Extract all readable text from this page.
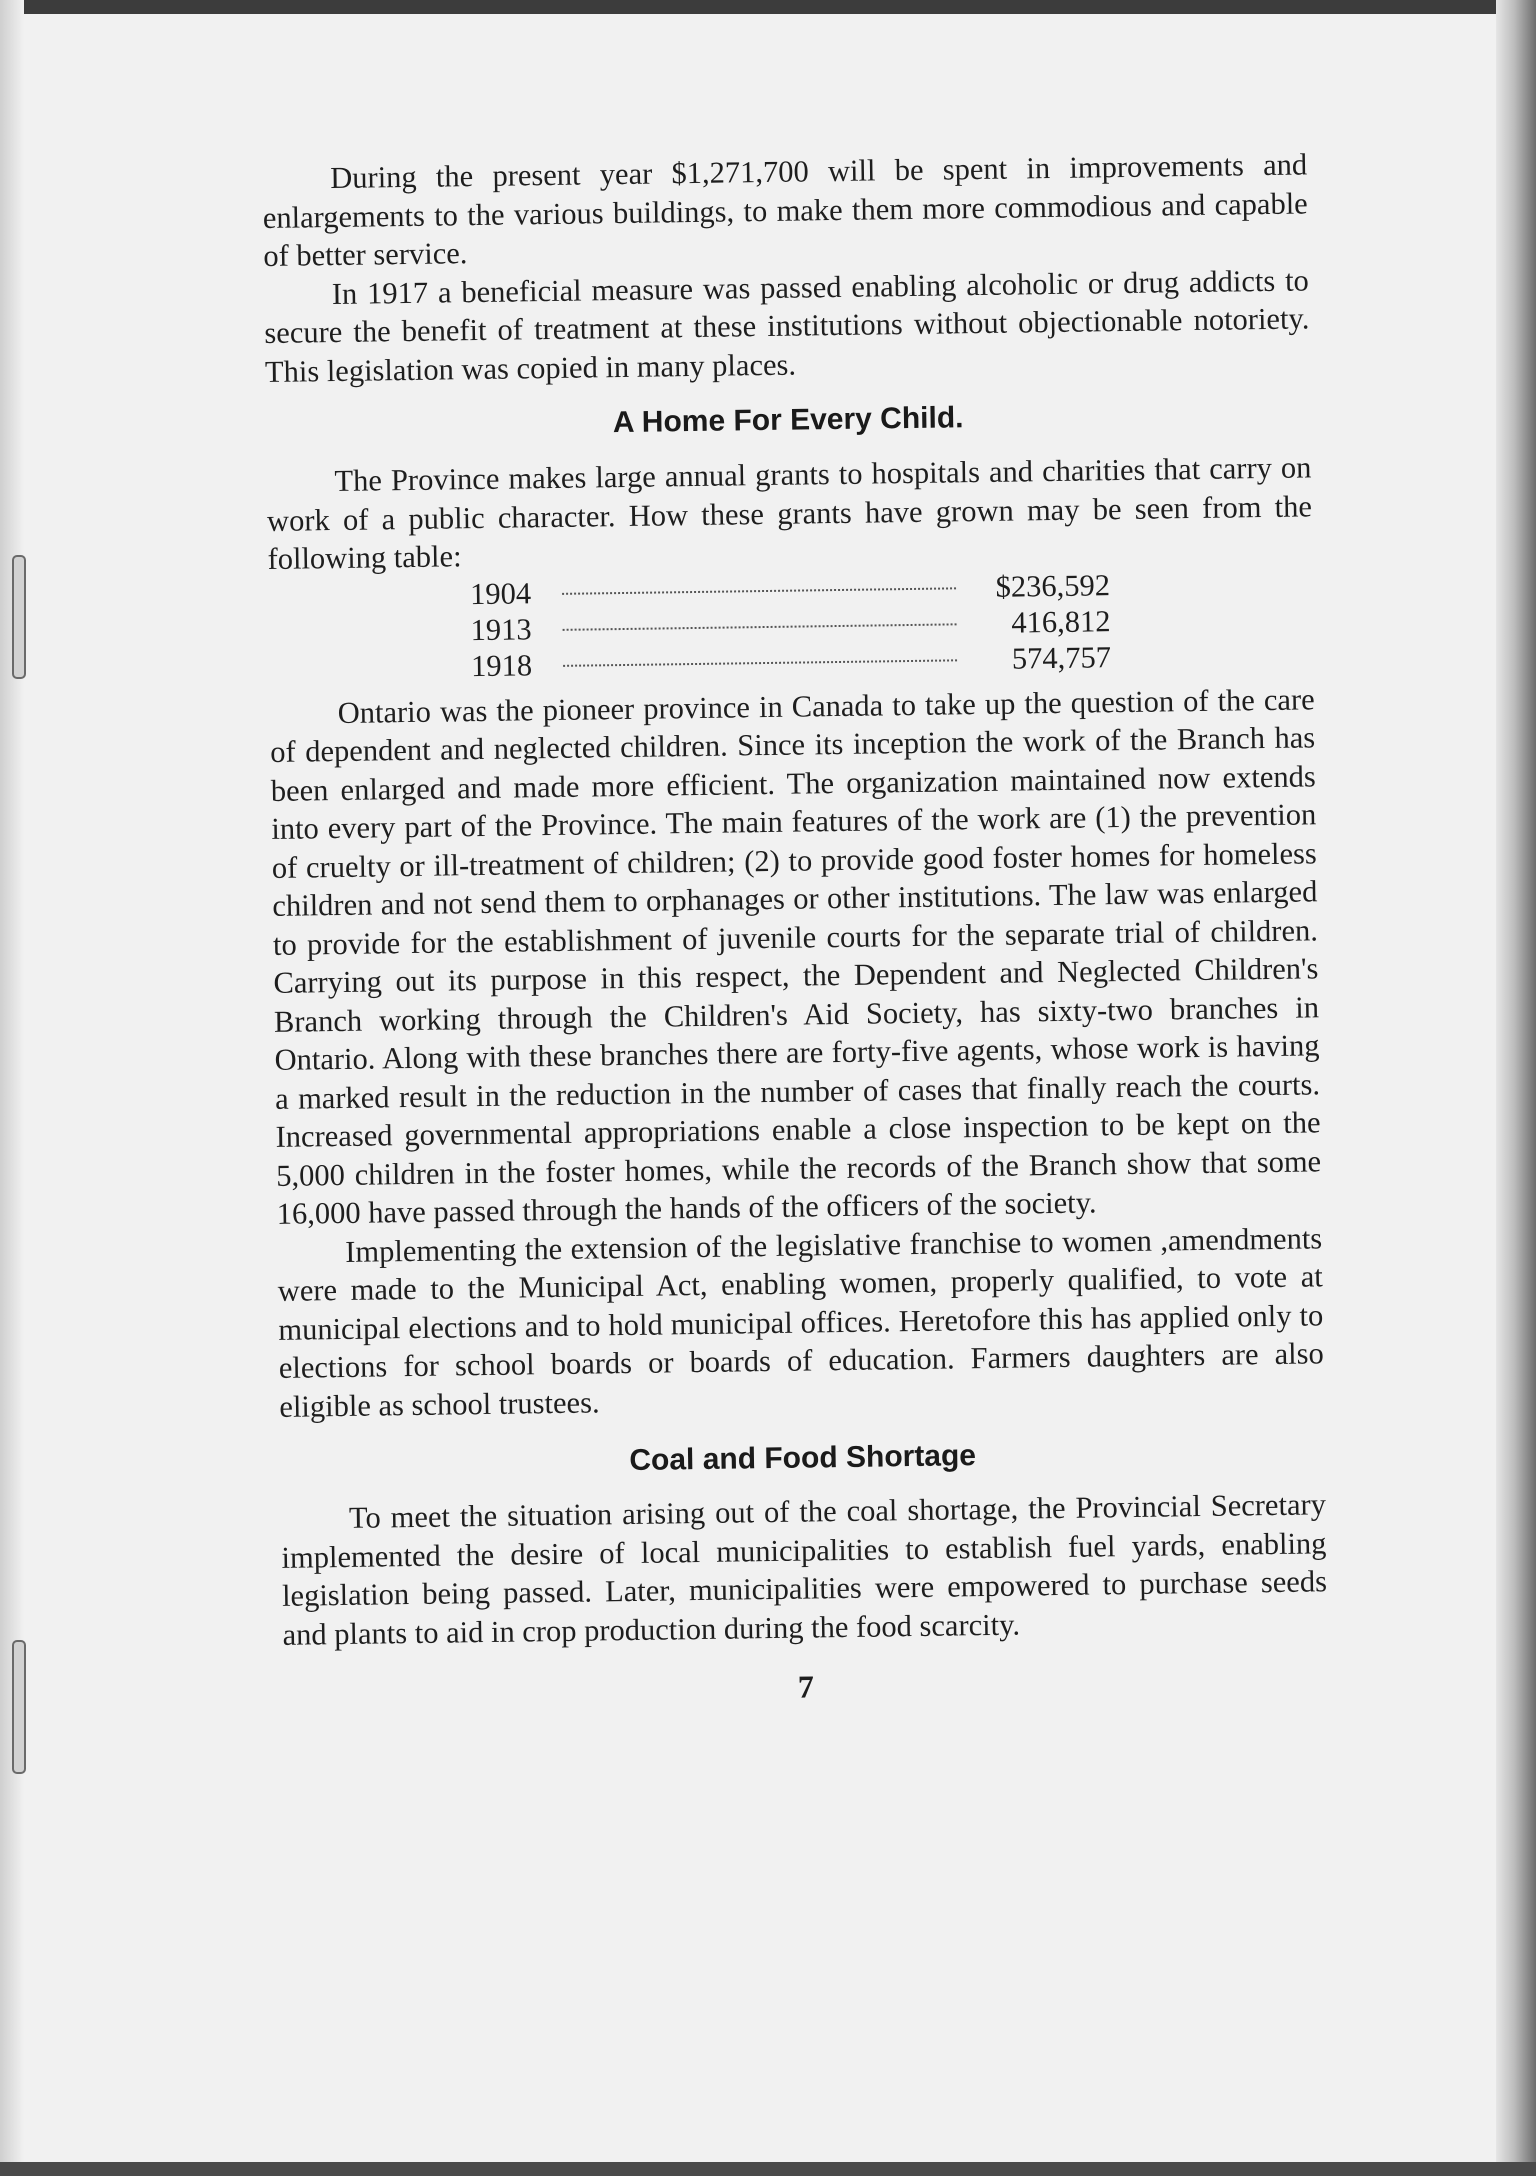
During the present year $1,271,700 will be spent in improvements and enlargements to the various buildings, to make them more commodious and capable of better service.

In 1917 a beneficial measure was passed enabling alcoholic or drug addicts to secure the benefit of treatment at these institutions without objectionable notoriety. This legislation was copied in many places.

A Home For Every Child.

The Province makes large annual grants to hospitals and charities that carry on work of a public character. How these grants have grown may be seen from the following table:

1904	$236,592
1913	416,812
1918	574,757

Ontario was the pioneer province in Canada to take up the question of the care of dependent and neglected children. Since its inception the work of the Branch has been enlarged and made more efficient. The organization maintained now extends into every part of the Province. The main features of the work are (1) the prevention of cruelty or ill-treatment of children; (2) to provide good foster homes for homeless children and not send them to orphanages or other institutions. The law was enlarged to provide for the establishment of juvenile courts for the separate trial of children. Carrying out its purpose in this respect, the Dependent and Neglected Children's Branch working through the Children's Aid Society, has sixty-two branches in Ontario. Along with these branches there are forty-five agents, whose work is having a marked result in the reduction in the number of cases that finally reach the courts. Increased governmental appropriations enable a close inspection to be kept on the 5,000 children in the foster homes, while the records of the Branch show that some 16,000 have passed through the hands of the officers of the society.

Implementing the extension of the legislative franchise to women ,amendments were made to the Municipal Act, enabling women, properly qualified, to vote at municipal elections and to hold municipal offices. Heretofore this has applied only to elections for school boards or boards of education. Farmers daughters are also eligible as school trustees.

Coal and Food Shortage

To meet the situation arising out of the coal shortage, the Provincial Secretary implemented the desire of local municipalities to establish fuel yards, enabling legislation being passed. Later, municipalities were empowered to purchase seeds and plants to aid in crop production during the food scarcity.

7
